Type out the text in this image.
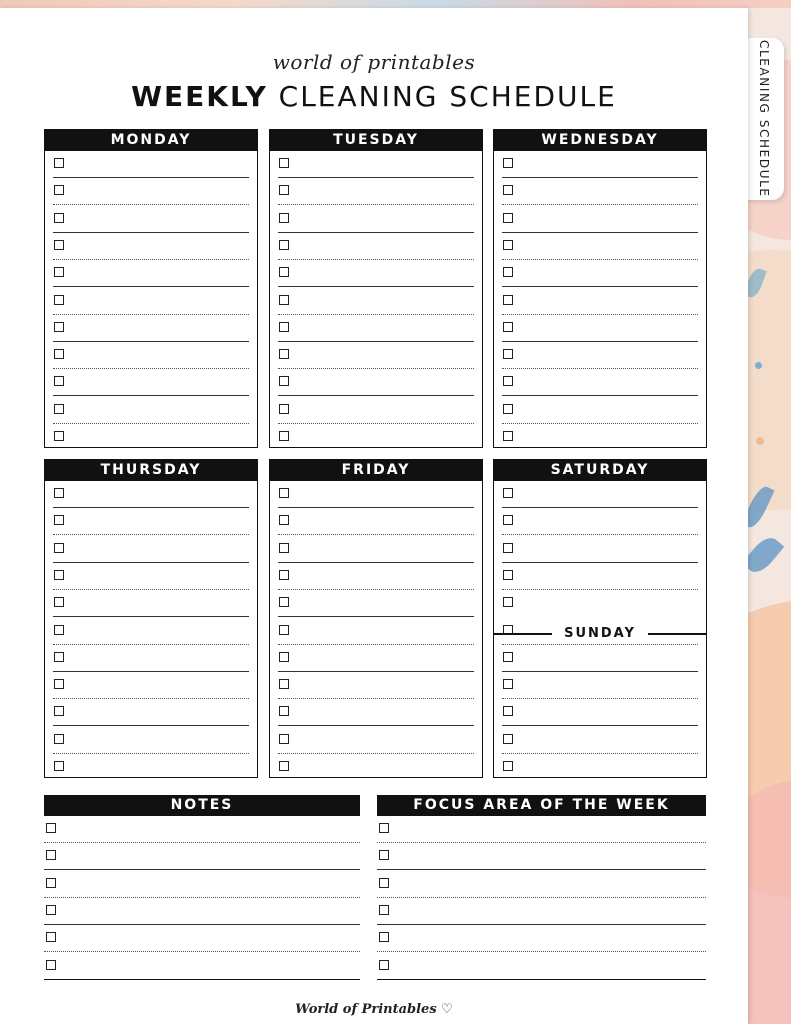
CLEANING SCHEDULE
world of printables
WEEKLY CLEANING SCHEDULE
MONDAY	TUESDAY	WEDNESDAY
THURSDAY	FRIDAY	SATURDAY
SUNDAY
NOTES	FOCUS AREA OF THE WEEK
World of Printables ♡
